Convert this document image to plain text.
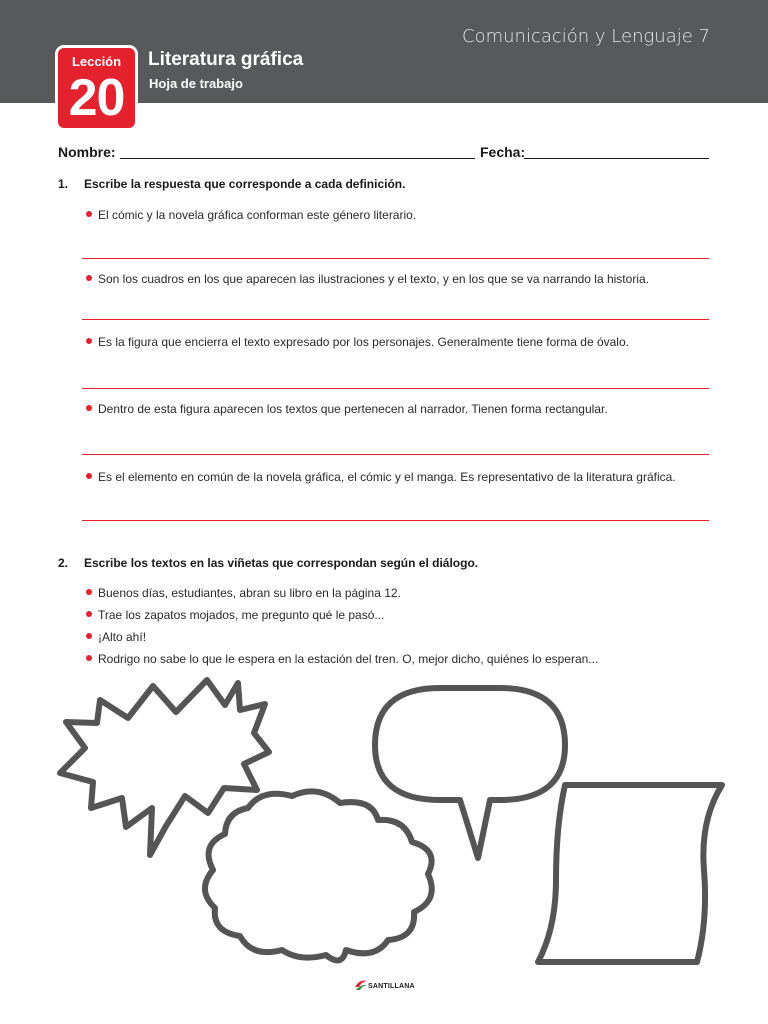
Comunicación y Lenguaje 7
Lección
20
Literatura gráfica
Hoja de trabajo
Nombre:	Fecha:
1. Escribe la respuesta que corresponde a cada definición.
El cómic y la novela gráfica conforman este género literario.
Son los cuadros en los que aparecen las ilustraciones y el texto, y en los que se va narrando la historia.
Es la figura que encierra el texto expresado por los personajes. Generalmente tiene forma de óvalo.
Dentro de esta figura aparecen los textos que pertenecen al narrador. Tienen forma rectangular.
Es el elemento en común de la novela gráfica, el cómic y el manga. Es representativo de la literatura gráfica.
2. Escribe los textos en las viñetas que correspondan según el diálogo.
Buenos días, estudiantes, abran su libro en la página 12.
Trae los zapatos mojados, me pregunto qué le pasó...
¡Alto ahí!
Rodrigo no sabe lo que le espera en la estación del tren. O, mejor dicho, quiénes lo esperan...
SANTILLANA
